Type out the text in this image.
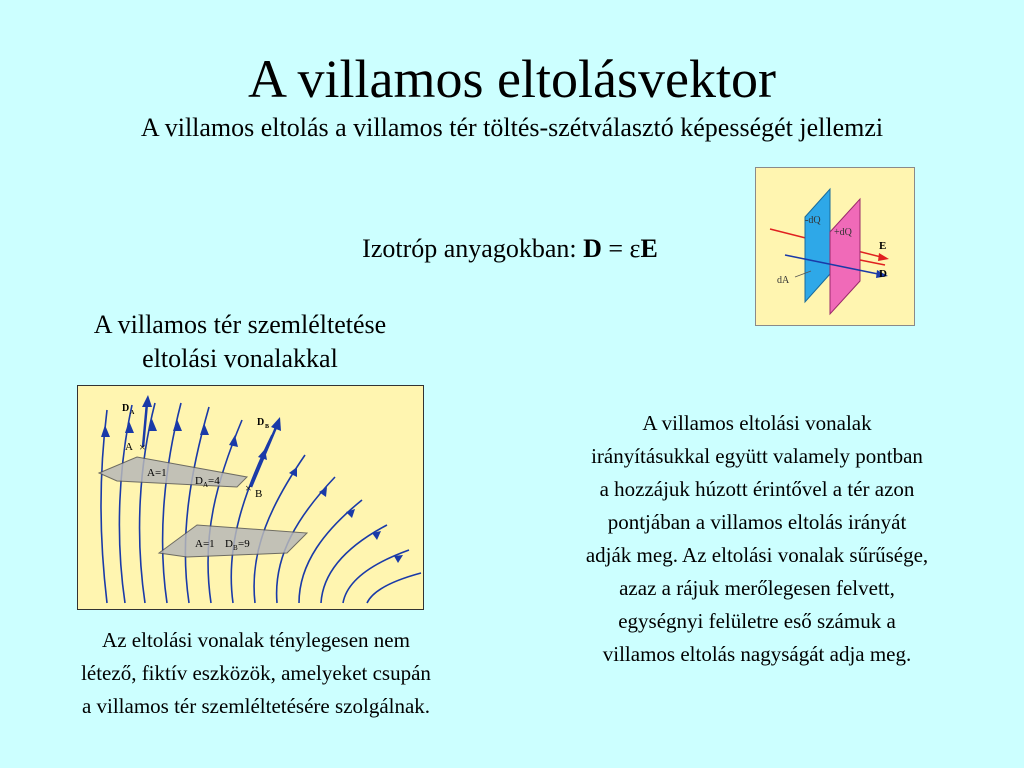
A villamos eltolásvektor
A villamos eltolás a villamos tér töltés-szétválasztó képességét jellemzi
Izotróp anyagokban: D = εE
dA
-dQ
+dQ
E
D
A villamos tér szemléltetése
eltolási vonalakkal
×
×
A
B
D A
D B
A=1
D A =4
A=1 D B =9
Az eltolási vonalak ténylegesen nem
létező, fiktív eszközök, amelyeket csupán
a villamos tér szemléltetésére szolgálnak.
A villamos eltolási vonalak
irányításukkal együtt valamely pontban
a hozzájuk húzott érintővel a tér azon
pontjában a villamos eltolás irányát
adják meg. Az eltolási vonalak sűrűsége,
azaz a rájuk merőlegesen felvett,
egységnyi felületre eső számuk a
villamos eltolás nagyságát adja meg.
